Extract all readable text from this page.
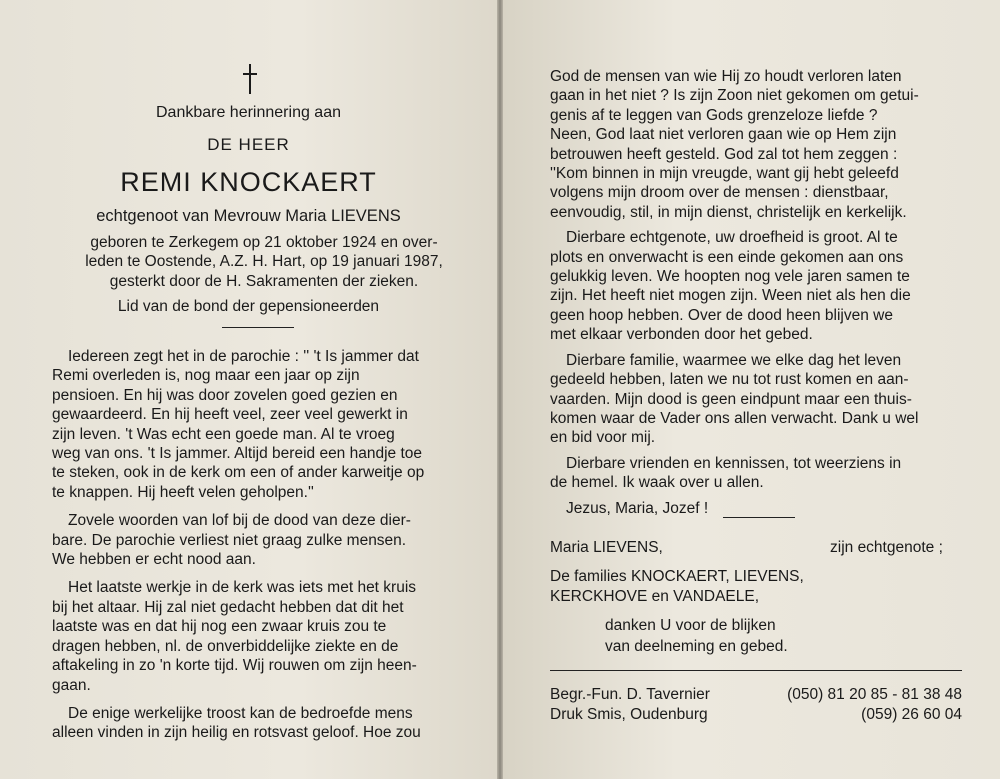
Dankbare herinnering aan

DE HEER

REMI KNOCKAERT

echtgenoot van Mevrouw Maria LIEVENS

geboren te Zerkegem op 21 oktober 1924 en over-
leden te Oostende, A.Z. H. Hart, op 19 januari 1987,
gesterkt door de H. Sakramenten der zieken.

Lid van de bond der gepensioneerden

Iedereen zegt het in de parochie : '' 't Is jammer dat
Remi overleden is, nog maar een jaar op zijn
pensioen. En hij was door zovelen goed gezien en
gewaardeerd. En hij heeft veel, zeer veel gewerkt in
zijn leven. 't Was echt een goede man. Al te vroeg
weg van ons. 't Is jammer. Altijd bereid een handje toe
te steken, ook in de kerk om een of ander karweitje op
te knappen. Hij heeft velen geholpen.''
Zovele woorden van lof bij de dood van deze dier-
bare. De parochie verliest niet graag zulke mensen.
We hebben er echt nood aan.
Het laatste werkje in de kerk was iets met het kruis
bij het altaar. Hij zal niet gedacht hebben dat dit het
laatste was en dat hij nog een zwaar kruis zou te
dragen hebben, nl. de onverbiddelijke ziekte en de
aftakeling in zo 'n korte tijd. Wij rouwen om zijn heen-
gaan.
De enige werkelijke troost kan de bedroefde mens
alleen vinden in zijn heilig en rotsvast geloof. Hoe zou
God de mensen van wie Hij zo houdt verloren laten
gaan in het niet ? Is zijn Zoon niet gekomen om getui-
genis af te leggen van Gods grenzeloze liefde ?
Neen, God laat niet verloren gaan wie op Hem zijn
betrouwen heeft gesteld. God zal tot hem zeggen :
''Kom binnen in mijn vreugde, want gij hebt geleefd
volgens mijn droom over de mensen : dienstbaar,
eenvoudig, stil, in mijn dienst, christelijk en kerkelijk.
Dierbare echtgenote, uw droefheid is groot. Al te
plots en onverwacht is een einde gekomen aan ons
gelukkig leven. We hoopten nog vele jaren samen te
zijn. Het heeft niet mogen zijn. Ween niet als hen die
geen hoop hebben. Over de dood heen blijven we
met elkaar verbonden door het gebed.
Dierbare familie, waarmee we elke dag het leven
gedeeld hebben, laten we nu tot rust komen en aan-
vaarden. Mijn dood is geen eindpunt maar een thuis-
komen waar de Vader ons allen verwacht. Dank u wel
en bid voor mij.
Dierbare vrienden en kennissen, tot weerziens in
de hemel. Ik waak over u allen.
Jezus, Maria, Jozef !
Maria LIEVENS,	zijn echtgenote ;
De families KNOCKAERT, LIEVENS,
KERCKHOVE en VANDAELE,
danken U voor de blijken
van deelneming en gebed.
Begr.-Fun. D. Tavernier	(050) 81 20 85 - 81 38 48
Druk Smis, Oudenburg	(059) 26 60 04
